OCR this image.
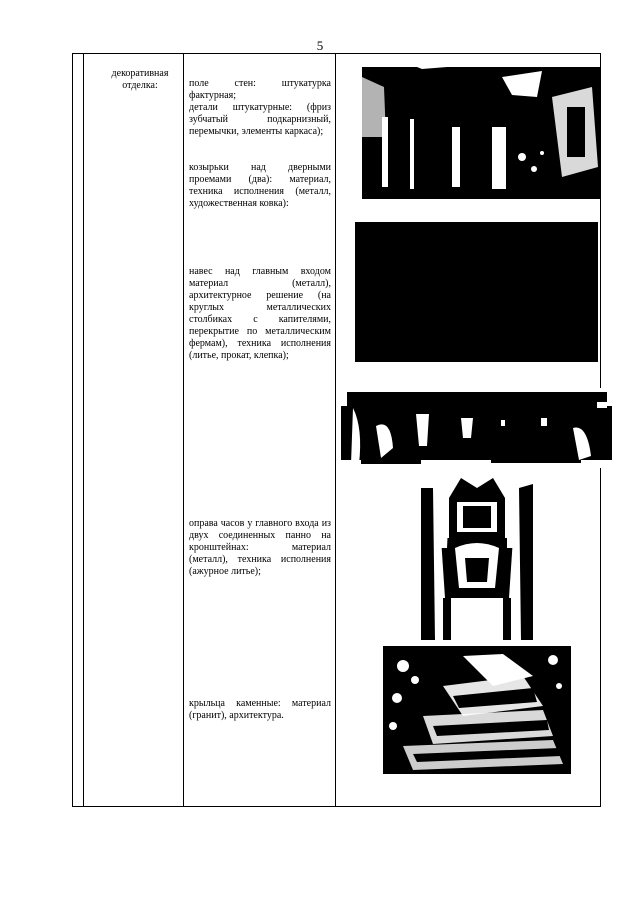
5
декоративная отделка:	поле стен: штукатурка фактурная;
детали штукатурные: (фриз зубчатый подкарнизный, перемычки, элементы каркаса);
козырьки над дверными проемами (два): материал, техника исполнения (металл, художественная ковка):
навес над главным входом материал (металл), архитектурное решение (на круглых металлических столбиках с капителями, перекрытие по металлическим фермам), техника исполнения (литье, прокат, клепка);
оправа часов у главного входа из двух соединенных панно на кронштейнах: материал (металл), техника исполнения (ажурное литье);
крыльца каменные: материал (гранит), архитектура.
